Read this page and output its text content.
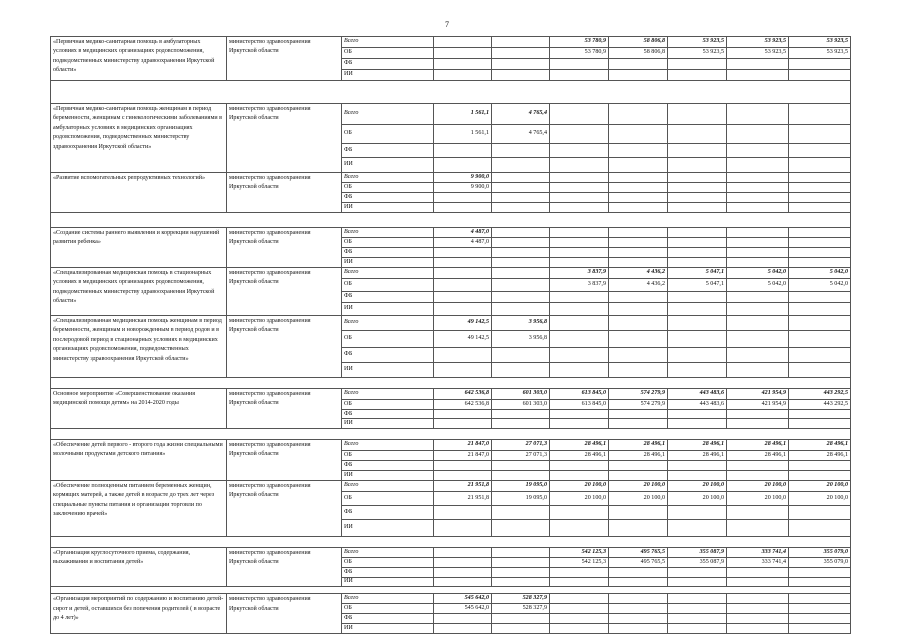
7
«Первичная медико-санитарная помощь в амбулаторных условиях в медицинских организациях родовспоможения, подведомственных министерству здравоохранения Иркутской области»	министерство здравоохранения Иркутской области	Всего			53 780,9	58 806,8	53 923,5	53 923,5	53 923,5
		ОБ			53 780,9	58 806,8	53 923,5	53 923,5	53 923,5
		ФБ							
		ИИ							

«Первичная медико-санитарная помощь женщинам в период беременности, женщинам с гинекологическими заболеваниями в амбулаторных условиях в медицинских организациях родовспоможения, подведомственных министерству здравоохранения Иркутской области»	министерство здравоохранения Иркутской области	Всего	1 561,1	4 765,4					
		ОБ	1 561,1	4 765,4					
		ФБ							
		ИИ							
«Развитие вспомогательных репродуктивных технологий»	министерство здравоохранения Иркутской области	Всего	9 900,0						
		ОБ	9 900,0						
		ФБ							
		ИИ							

«Создание системы раннего выявления и коррекции нарушений развития ребенка»	министерство здравоохранения Иркутской области	Всего	4 487,0						
		ОБ	4 487,0						
		ФБ							
		ИИ							
«Специализированная медицинская помощь в стационарных условиях в медицинских организациях родовспоможения, подведомственных министерству здравоохранения Иркутской области»	министерство здравоохранения Иркутской области	Всего			3 837,9	4 436,2	5 047,1	5 042,0	5 042,0
		ОБ			3 837,9	4 436,2	5 047,1	5 042,0	5 042,0
		ФБ							
		ИИ							
«Специализированная медицинская помощь женщинам в период беременности, женщинам и новорожденным в период родов и в послеродовой период в стационарных условиях в медицинских организациях родовспоможения, подведомственных министерству здравоохранения Иркутской области»	министерство здравоохранения Иркутской области	Всего	49 142,5	3 956,8					
		ОБ	49 142,5	3 956,8					
		ФБ							
		ИИ							

Основное мероприятие «Совершенствование оказания медицинской помощи детям» на 2014-2020 годы	министерство здравоохранения Иркутской области	Всего	642 536,8	601 303,0	613 845,0	574 279,9	443 483,6	421 954,9	443 292,5
		ОБ	642 536,8	601 303,0	613 845,0	574 279,9	443 483,6	421 954,9	443 292,5
		ФБ							
		ИИ							

«Обеспечение детей первого - второго года жизни специальными молочными продуктами детского питания»	министерство здравоохранения Иркутской области	Всего	21 847,0	27 071,3	28 496,1	28 496,1	28 496,1	28 496,1	28 496,1
		ОБ	21 847,0	27 071,3	28 496,1	28 496,1	28 496,1	28 496,1	28 496,1
		ФБ							
		ИИ							
«Обеспечение полноценным питанием беременных женщин, кормящих матерей, а также детей в возрасте до трех лет через специальные пункты питания и организации торговли по заключению врачей»	министерство здравоохранения Иркутской области	Всего	21 951,8	19 095,0	20 100,0	20 100,0	20 100,0	20 100,0	20 100,0
		ОБ	21 951,8	19 095,0	20 100,0	20 100,0	20 100,0	20 100,0	20 100,0
		ФБ							
		ИИ							

«Организация круглосуточного приема, содержания, выхаживания и воспитания детей»	министерство здравоохранения Иркутской области	Всего			542 125,3	495 765,5	355 087,9	333 741,4	355 079,0
		ОБ			542 125,3	495 765,5	355 087,9	333 741,4	355 079,0
		ФБ							
		ИИ							

«Организация мероприятий по содержанию и воспитанию детей-сирот и детей, оставшихся без попечения родителей ( в возрасте до 4 лет)»	министерство здравоохранения Иркутской области	Всего	545 642,0	528 327,9					
		ОБ	545 642,0	528 327,9					
		ФБ							
		ИИ							
